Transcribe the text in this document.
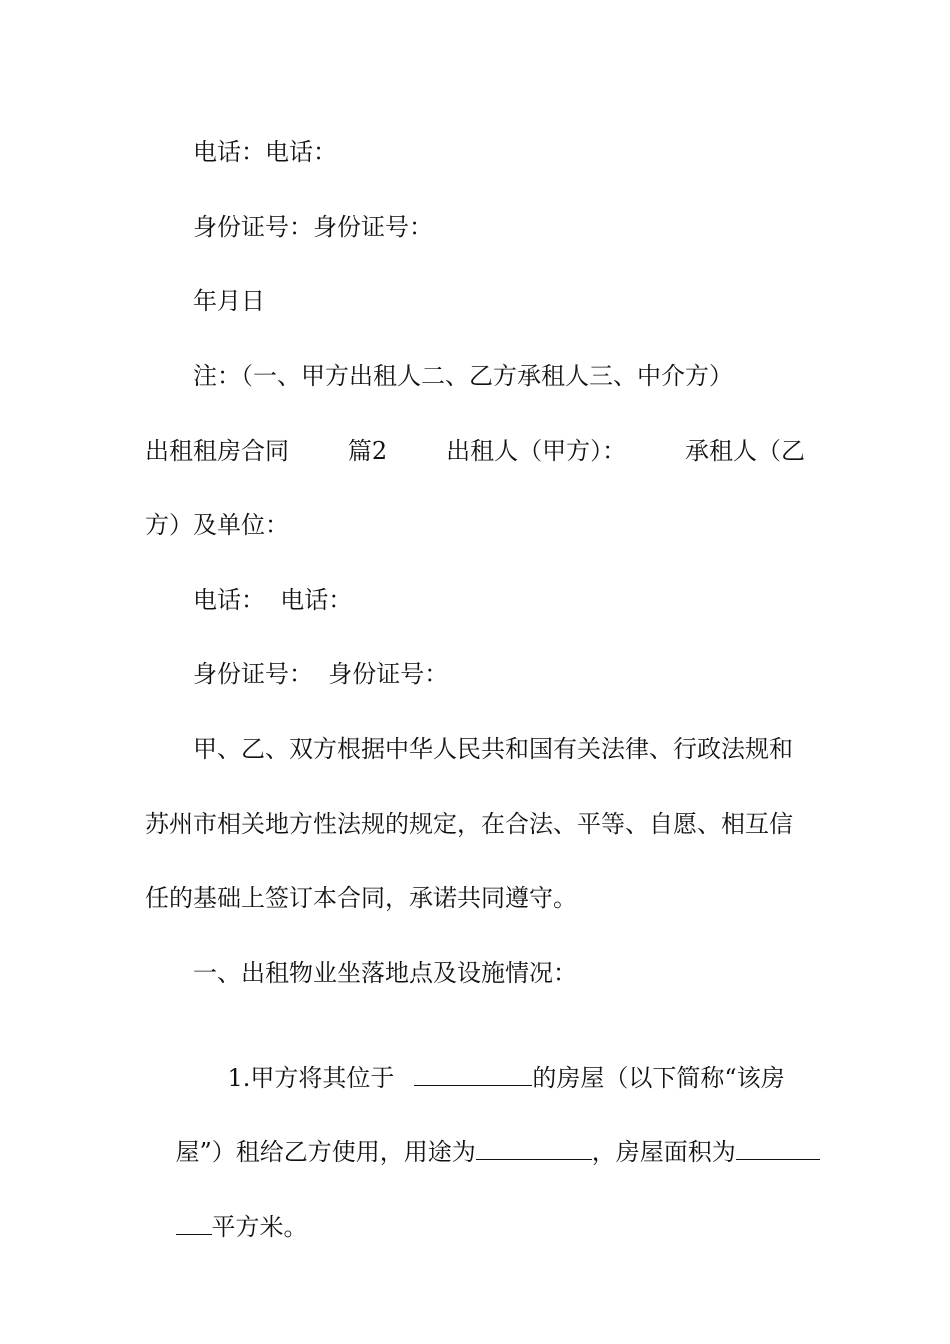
电话：电话：
身份证号：身份证号：
年月日
注：（一、甲方出租人二、乙方承租人三、中介方）
出租租房合同 篇2 出租人（甲方）： 承租人（乙
方）及单位：
电话：  电话：
身份证号：  身份证号：
甲、乙、双方根据中华人民共和国有关法律、行政法规和
苏州市相关地方性法规的规定，在合法、平等、自愿、相互信
任的基础上签订本合同，承诺共同遵守。
一、出租物业坐落地点及设施情况：

1.甲方将其位于	的房屋（以下简称“该房

屋”）租给乙方使用，用途为	，房屋面积为

平方米。
